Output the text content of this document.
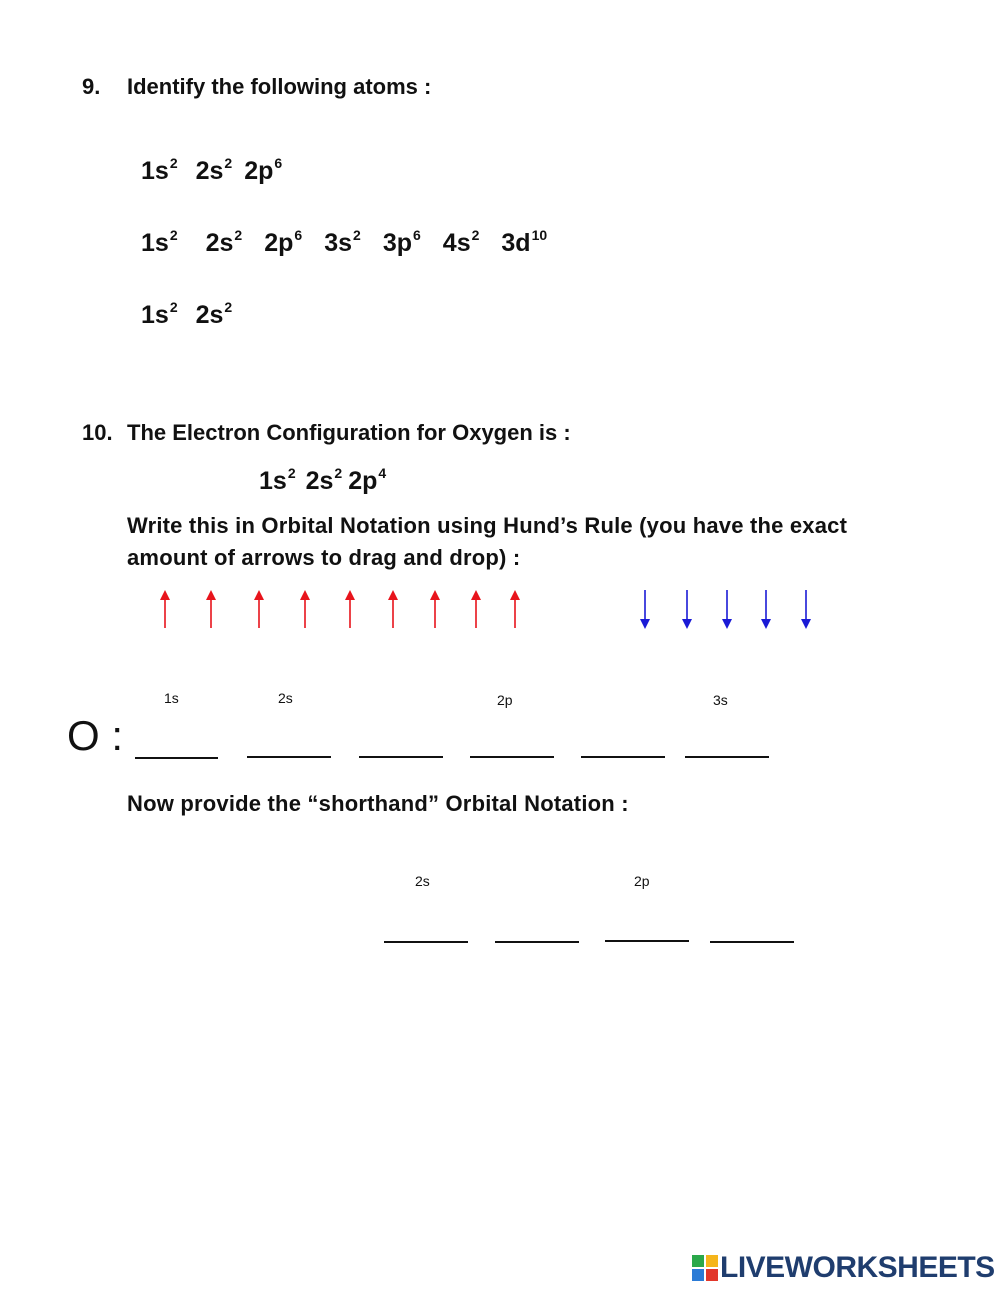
9. Identify the following atoms :
$1s^2$ $2s^2$ $2p^6$
$1s^2$ $2s^2$ $2p^6$ $3s^2$ $3p^6$ $4s^2$ $3d^{10}$
$1s^2$ $2s^2$
10. The Electron Configuration for Oxygen is :
$1s^2$ $2s^2$ $2p^4$
Write this in Orbital Notation using Hund’s Rule (you have the exact
amount of arrows to drag and drop) :
1s	2s	2p	3s
O :
Now provide the “shorthand” Orbital Notation :
2s	2p
LIVEWORKSHEETS
